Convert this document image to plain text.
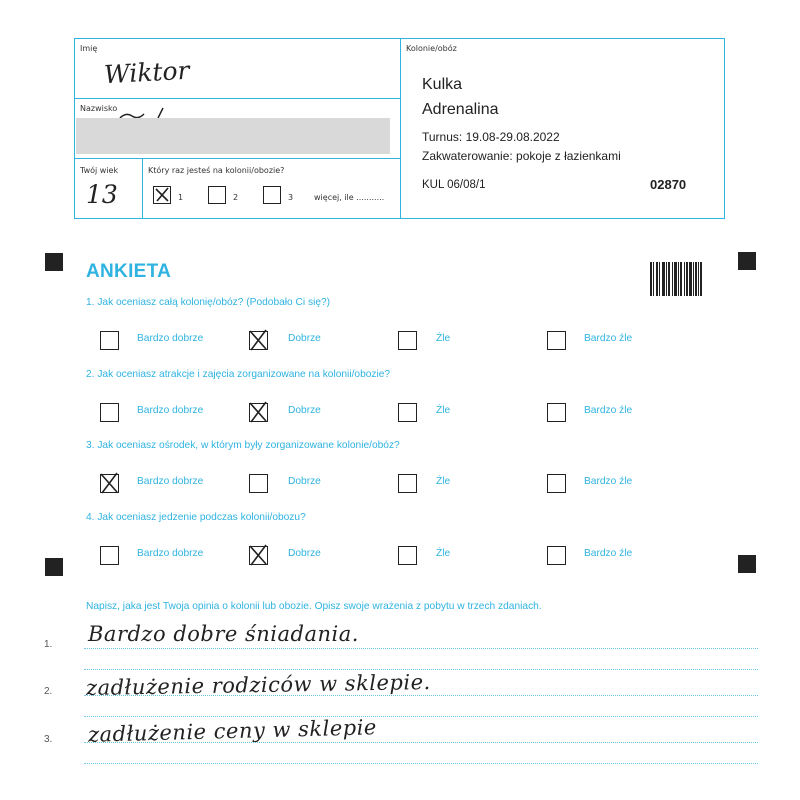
Imię
Wiktor
Nazwisko
Twój wiek
13
Który raz jesteś na kolonii/obozie?
1	2	3	więcej, ile ...........
Kolonie/obóz
Kulka
Adrenalina
Turnus: 19.08-29.08.2022
Zakwaterowanie: pokoje z łazienkami
KUL 06/08/1	02870
ANKIETA
1. Jak oceniasz całą kolonię/obóz? (Podobało Ci się?)
Bardzo dobrze	Dobrze	Źle	Bardzo źle
2. Jak oceniasz atrakcje i zajęcia zorganizowane na kolonii/obozie?
Bardzo dobrze	Dobrze	Źle	Bardzo źle
3. Jak oceniasz ośrodek, w którym były zorganizowane kolonie/obóz?
Bardzo dobrze	Dobrze	Źle	Bardzo źle
4. Jak oceniasz jedzenie podczas kolonii/obozu?
Bardzo dobrze	Dobrze	Źle	Bardzo źle
Napisz, jaka jest Twoja opinia o kolonii lub obozie. Opisz swoje wrażenia z pobytu w trzech zdaniach.
1. Bardzo dobre śniadania.
2. zadłużenie rodziców w sklepie.
3. zadłużenie ceny w sklepie
